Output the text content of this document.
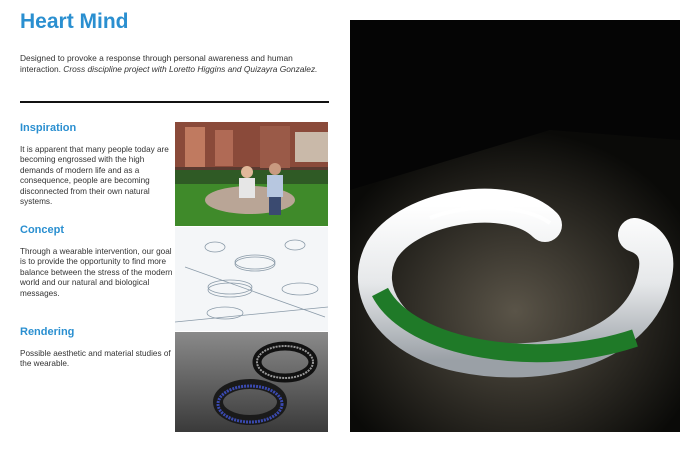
Heart Mind

Designed to provoke a response through personal awareness and human interaction. Cross discipline project with Loretto Higgins and Quizayra Gonzalez.

Inspiration

It is apparent that many people today are becoming engrossed with the high demands of modern life and as a consequence, people are becoming disconnected from their own natural systems.

Concept

Through a wearable intervention, our goal is to provide the opportunity to find more balance between the stress of the modern world and our natural and biological messages.

Rendering

Possible aesthetic and material studies of the wearable.
